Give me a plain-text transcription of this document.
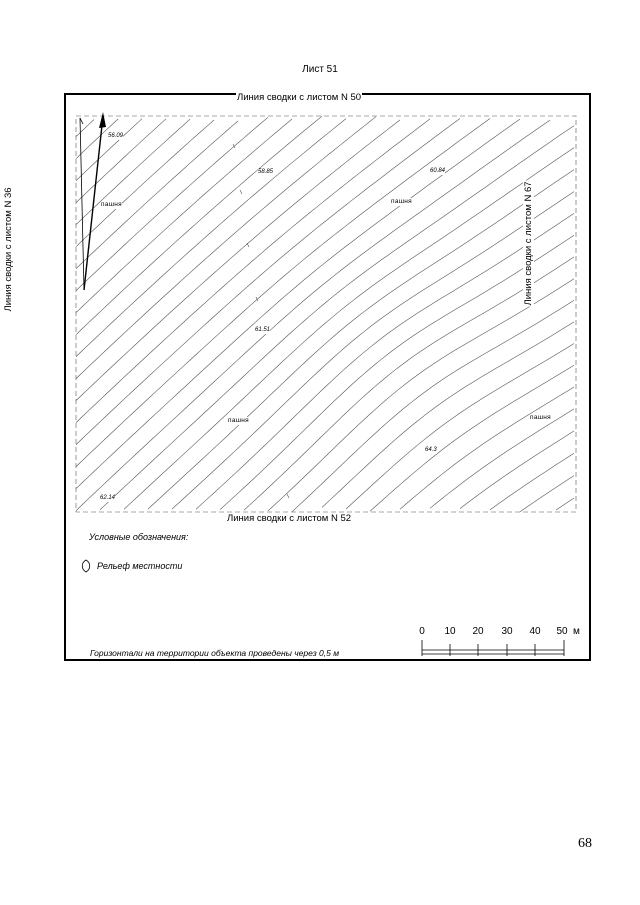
Лист 51
Линия сводки с листом N 50
Линия сводки с листом N 52
Линия сводки с листом N 36	Линия сводки с листом N 67
56.09
58.85	60.84
61.51
64.3
62.14
пашня	пашня
пашня	пашня
Условные обозначения:
Рельеф местности
Горизонтали на территории объекта проведены через 0,5 м
0 10 20 30 40 50 м
68
